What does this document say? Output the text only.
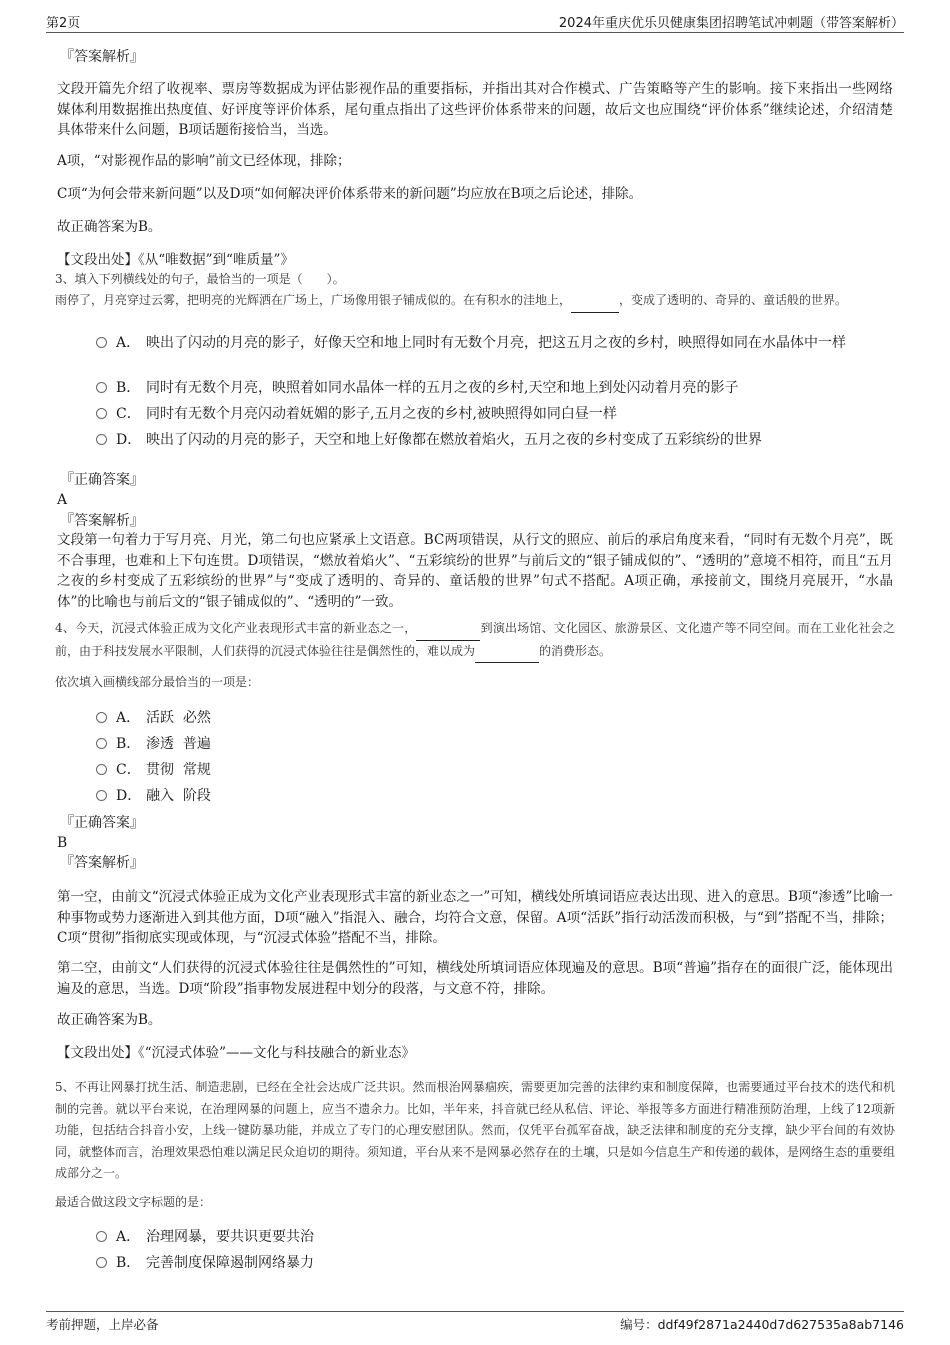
第2页	2024年重庆优乐贝健康集团招聘笔试冲刺题（带答案解析）
『答案解析』
文段开篇先介绍了收视率、票房等数据成为评估影视作品的重要指标，并指出其对合作模式、广告策略等产生的影响。接下来指出一些网络媒体利用数据推出热度值、好评度等评价体系，尾句重点指出了这些评价体系带来的问题，故后文也应围绕“评价体系”继续论述，介绍清楚具体带来什么问题，B项话题衔接恰当，当选。
A项，“对影视作品的影响”前文已经体现，排除；
C项“为何会带来新问题”以及D项“如何解决评价体系带来的新问题”均应放在B项之后论述，排除。
故正确答案为B。
【文段出处】《从“唯数据”到“唯质量”》
3、填入下列横线处的句子，最恰当的一项是（　　）。
雨停了，月亮穿过云雾，把明亮的光辉洒在广场上，广场像用银子铺成似的。在有积水的洼地上，	，变成了透明的、奇异的、童话般的世界。
A． 映出了闪动的月亮的影子，好像天空和地上同时有无数个月亮，把这五月之夜的乡村，映照得如同在水晶体中一样
B． 同时有无数个月亮，映照着如同水晶体一样的五月之夜的乡村,天空和地上到处闪动着月亮的影子
C． 同时有无数个月亮闪动着妩媚的影子,五月之夜的乡村,被映照得如同白昼一样
D． 映出了闪动的月亮的影子，天空和地上好像都在燃放着焰火，五月之夜的乡村变成了五彩缤纷的世界
『正确答案』
A
『答案解析』
文段第一句着力于写月亮、月光，第二句也应紧承上文语意。BC两项错误，从行文的照应、前后的承启角度来看，“同时有无数个月亮”，既不合事理，也难和上下句连贯。D项错误，“燃放着焰火”、“五彩缤纷的世界”与前后文的“银子铺成似的”、“透明的”意境不相符，而且“五月之夜的乡村变成了五彩缤纷的世界”与“变成了透明的、奇异的、童话般的世界”句式不搭配。A项正确，承接前文，围绕月亮展开，“水晶体”的比喻也与前后文的“银子铺成似的”、“透明的”一致。
4、今天，沉浸式体验正成为文化产业表现形式丰富的新业态之一，	到演出场馆、文化园区、旅游景区、文化遗产等不同空间。而在工业化社会之前，由于科技发展水平限制，人们获得的沉浸式体验往往是偶然性的，难以成为	的消费形态。
依次填入画横线部分最恰当的一项是：
A． 活跃  必然
B． 渗透  普遍
C． 贯彻  常规
D． 融入  阶段
『正确答案』
B
『答案解析』
第一空，由前文“沉浸式体验正成为文化产业表现形式丰富的新业态之一”可知，横线处所填词语应表达出现、进入的意思。B项“渗透”比喻一种事物或势力逐渐进入到其他方面，D项“融入”指混入、融合，均符合文意，保留。A项“活跃”指行动活泼而积极，与“到”搭配不当，排除；C项“贯彻”指彻底实现或体现，与“沉浸式体验”搭配不当，排除。
第二空，由前文“人们获得的沉浸式体验往往是偶然性的”可知，横线处所填词语应体现遍及的意思。B项“普遍”指存在的面很广泛，能体现出遍及的意思，当选。D项“阶段”指事物发展进程中划分的段落，与文意不符，排除。
故正确答案为B。
【文段出处】《“沉浸式体验”——文化与科技融合的新业态》
5、不再让网暴打扰生活、制造悲剧，已经在全社会达成广泛共识。然而根治网暴痼疾，需要更加完善的法律约束和制度保障，也需要通过平台技术的迭代和机制的完善。就以平台来说，在治理网暴的问题上，应当不遗余力。比如，半年来，抖音就已经从私信、评论、举报等多方面进行精准预防治理，上线了12项新功能，包括结合抖音小安，上线一键防暴功能，并成立了专门的心理安慰团队。然而，仅凭平台孤军奋战，缺乏法律和制度的充分支撑，缺少平台间的有效协同，就整体而言，治理效果恐怕难以满足民众迫切的期待。须知道，平台从来不是网暴必然存在的土壤，只是如今信息生产和传递的载体，是网络生态的重要组成部分之一。
最适合做这段文字标题的是：
A． 治理网暴，要共识更要共治
B． 完善制度保障遏制网络暴力
考前押题，上岸必备	编号：ddf49f2871a2440d7d627535a8ab7146
